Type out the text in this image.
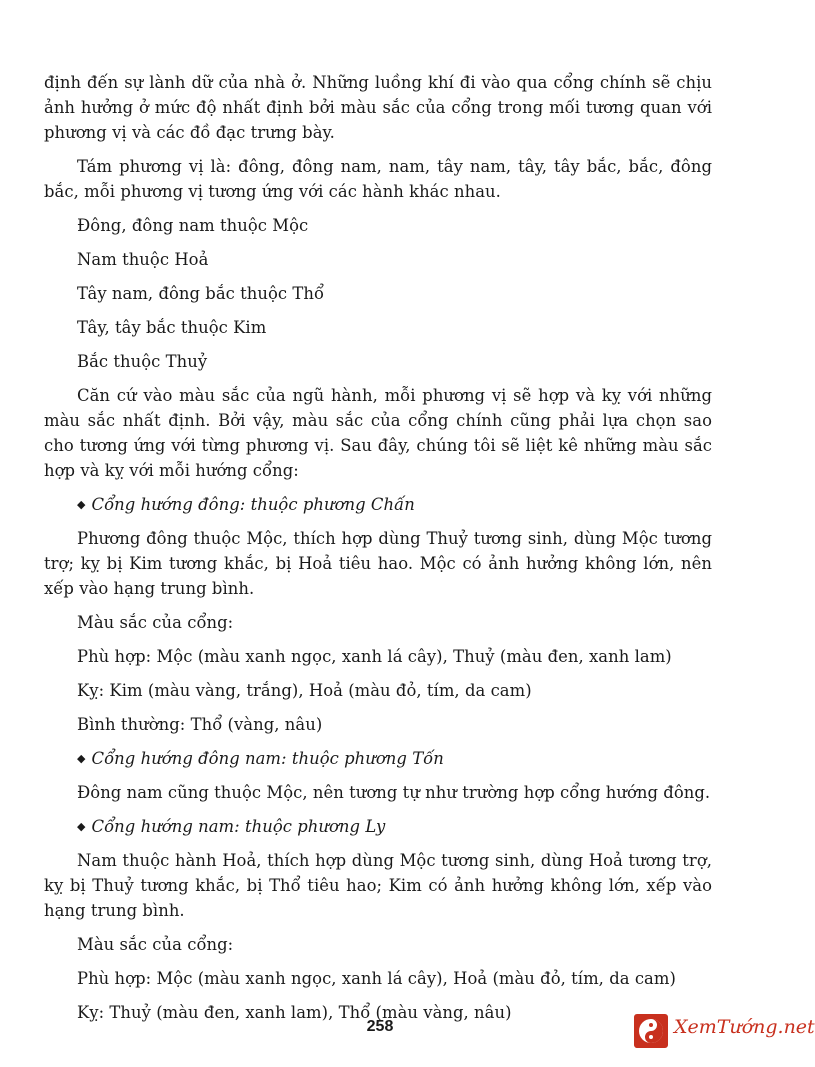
định đến sự lành dữ của nhà ở. Những luồng khí đi vào qua cổng chính sẽ chịu ảnh hưởng ở mức độ nhất định bởi màu sắc của cổng trong mối tương quan với phương vị và các đồ đạc trưng bày.

Tám phương vị là: đông, đông nam, nam, tây nam, tây, tây bắc, bắc, đông bắc, mỗi phương vị tương ứng với các hành khác nhau.

Đông, đông nam thuộc Mộc

Nam thuộc Hoả

Tây nam, đông bắc thuộc Thổ

Tây, tây bắc thuộc Kim

Bắc thuộc Thuỷ

Căn cứ vào màu sắc của ngũ hành, mỗi phương vị sẽ hợp và kỵ với những màu sắc nhất định. Bởi vậy, màu sắc của cổng chính cũng phải lựa chọn sao cho tương ứng với từng phương vị. Sau đây, chúng tôi sẽ liệt kê những màu sắc hợp và kỵ với mỗi hướng cổng:

◆ Cổng hướng đông: thuộc phương Chấn

Phương đông thuộc Mộc, thích hợp dùng Thuỷ tương sinh, dùng Mộc tương trợ; kỵ bị Kim tương khắc, bị Hoả tiêu hao. Mộc có ảnh hưởng không lớn, nên xếp vào hạng trung bình.

Màu sắc của cổng:

Phù hợp: Mộc (màu xanh ngọc, xanh lá cây), Thuỷ (màu đen, xanh lam)

Kỵ: Kim (màu vàng, trắng), Hoả (màu đỏ, tím, da cam)

Bình thường: Thổ (vàng, nâu)

◆ Cổng hướng đông nam: thuộc phương Tốn

Đông nam cũng thuộc Mộc, nên tương tự như trường hợp cổng hướng đông.

◆ Cổng hướng nam: thuộc phương Ly

Nam thuộc hành Hoả, thích hợp dùng Mộc tương sinh, dùng Hoả tương trợ, kỵ bị Thuỷ tương khắc, bị Thổ tiêu hao; Kim có ảnh hưởng không lớn, xếp vào hạng trung bình.

Màu sắc của cổng:

Phù hợp: Mộc (màu xanh ngọc, xanh lá cây), Hoả (màu đỏ, tím, da cam)

Kỵ: Thuỷ (màu đen, xanh lam), Thổ (màu vàng, nâu)

258	XemTướng.net
